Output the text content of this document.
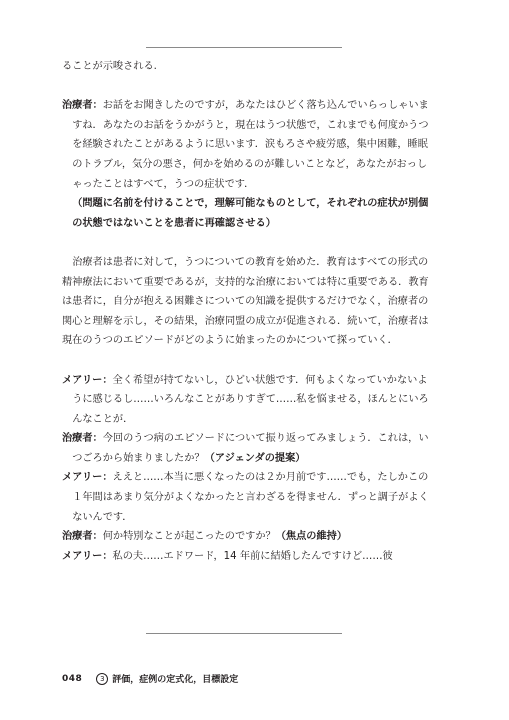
ることが示唆される.

治療者：お話をお聞きしたのですが，あなたはひどく落ち込んでいらっしゃいますね．あなたのお話をうかがうと，現在はうつ状態で，これまでも何度かうつを経験されたことがあるように思います．涙もろさや疲労感，集中困難，睡眠のトラブル，気分の悪さ，何かを始めるのが難しいことなど，あなたがおっしゃったことはすべて，うつの症状です．
（問題に名前を付けることで，理解可能なものとして，それぞれの症状が別個の状態ではないことを患者に再確認させる）

治療者は患者に対して，うつについての教育を始めた．教育はすべての形式の精神療法において重要であるが，支持的な治療においては特に重要である．教育は患者に，自分が抱える困難さについての知識を提供するだけでなく，治療者の関心と理解を示し，その結果，治療同盟の成立が促進される．続いて，治療者は現在のうつのエピソードがどのように始まったのかについて探っていく．

メアリー：全く希望が持てないし，ひどい状態です．何もよくなっていかないように感じるし……いろんなことがありすぎて……私を悩ませる，ほんとにいろんなことが．

治療者：今回のうつ病のエピソードについて振り返ってみましょう．これは，いつごろから始まりましたか？（アジェンダの提案）

メアリー：ええと……本当に悪くなったのは２か月前です……でも，たしかこの１年間はあまり気分がよくなかったと言わざるを得ません．ずっと調子がよくないんです．

治療者：何か特別なことが起こったのですか？（焦点の維持）

メアリー：私の夫……エドワード，14 年前に結婚したんですけど……彼

048	3 評価，症例の定式化，目標設定
